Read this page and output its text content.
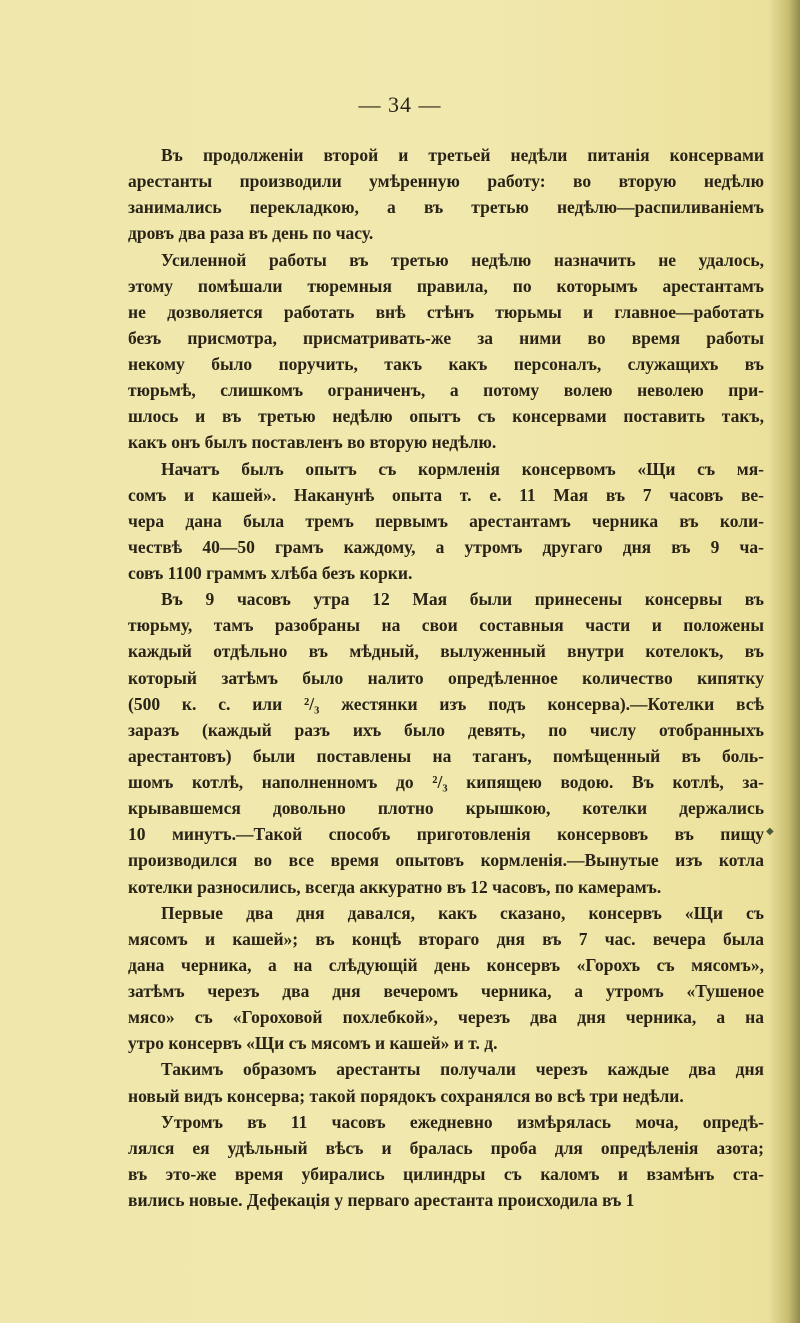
— 34 —
Въ продолженіи второй и третьей недѣли питанія консервами
арестанты производили умѣренную работу: во вторую недѣлю
занимались перекладкою, а въ третью недѣлю—распиливаніемъ
дровъ два раза въ день по часу.
Усиленной работы въ третью недѣлю назначить не удалось,
этому помѣшали тюремныя правила, по которымъ арестантамъ
не дозволяется работать внѣ стѣнъ тюрьмы и главное—работать
безъ присмотра, присматривать-же за ними во время работы
некому было поручить, такъ какъ персоналъ, служащихъ въ
тюрьмѣ, слишкомъ ограниченъ, а потому волею неволею при-
шлось и въ третью недѣлю опытъ съ консервами поставить такъ,
какъ онъ былъ поставленъ во вторую недѣлю.
Начатъ былъ опытъ съ кормленія консервомъ «Щи съ мя-
сомъ и кашей». Наканунѣ опыта т. е. 11 Мая въ 7 часовъ ве-
чера дана была тремъ первымъ арестантамъ черника въ коли-
чествѣ 40—50 грамъ каждому, а утромъ другаго дня въ 9 ча-
совъ 1100 граммъ хлѣба безъ корки.
Въ 9 часовъ утра 12 Мая были принесены консервы въ
тюрьму, тамъ разобраны на свои составныя части и положены
каждый отдѣльно въ мѣдный, вылуженный внутри котелокъ, въ
который затѣмъ было налито опредѣленное количество кипятку
(500 к. с. или ²/₃ жестянки изъ подъ консерва).—Котелки всѣ
заразъ (каждый разъ ихъ было девять, по числу отобранныхъ
арестантовъ) были поставлены на таганъ, помѣщенный въ боль-
шомъ котлѣ, наполненномъ до ²/₃ кипящею водою. Въ котлѣ, за-
крывавшемся довольно плотно крышкою, котелки держались
10 минутъ.—Такой способъ приготовленія консервовъ въ пищу
производился во все время опытовъ кормленія.—Вынутые изъ котла
котелки разносились, всегда аккуратно въ 12 часовъ, по камерамъ.
Первые два дня давался, какъ сказано, консервъ «Щи съ
мясомъ и кашей»; въ концѣ втораго дня въ 7 час. вечера была
дана черника, а на слѣдующій день консервъ «Горохъ съ мясомъ»,
затѣмъ черезъ два дня вечеромъ черника, а утромъ «Тушеное
мясо» съ «Гороховой похлебкой», черезъ два дня черника, а на
утро консервъ «Щи съ мясомъ и кашей» и т. д.
Такимъ образомъ арестанты получали черезъ каждые два дня
новый видъ консерва; такой порядокъ сохранялся во всѣ три недѣли.
Утромъ въ 11 часовъ ежедневно измѣрялась моча, опредѣ-
лялся ея удѣльный вѣсъ и бралась проба для опредѣленія азота;
въ это-же время убирались цилиндры съ каломъ и взамѣнъ ста-
вились новые. Дефекація у перваго арестанта происходила въ 1
◆
